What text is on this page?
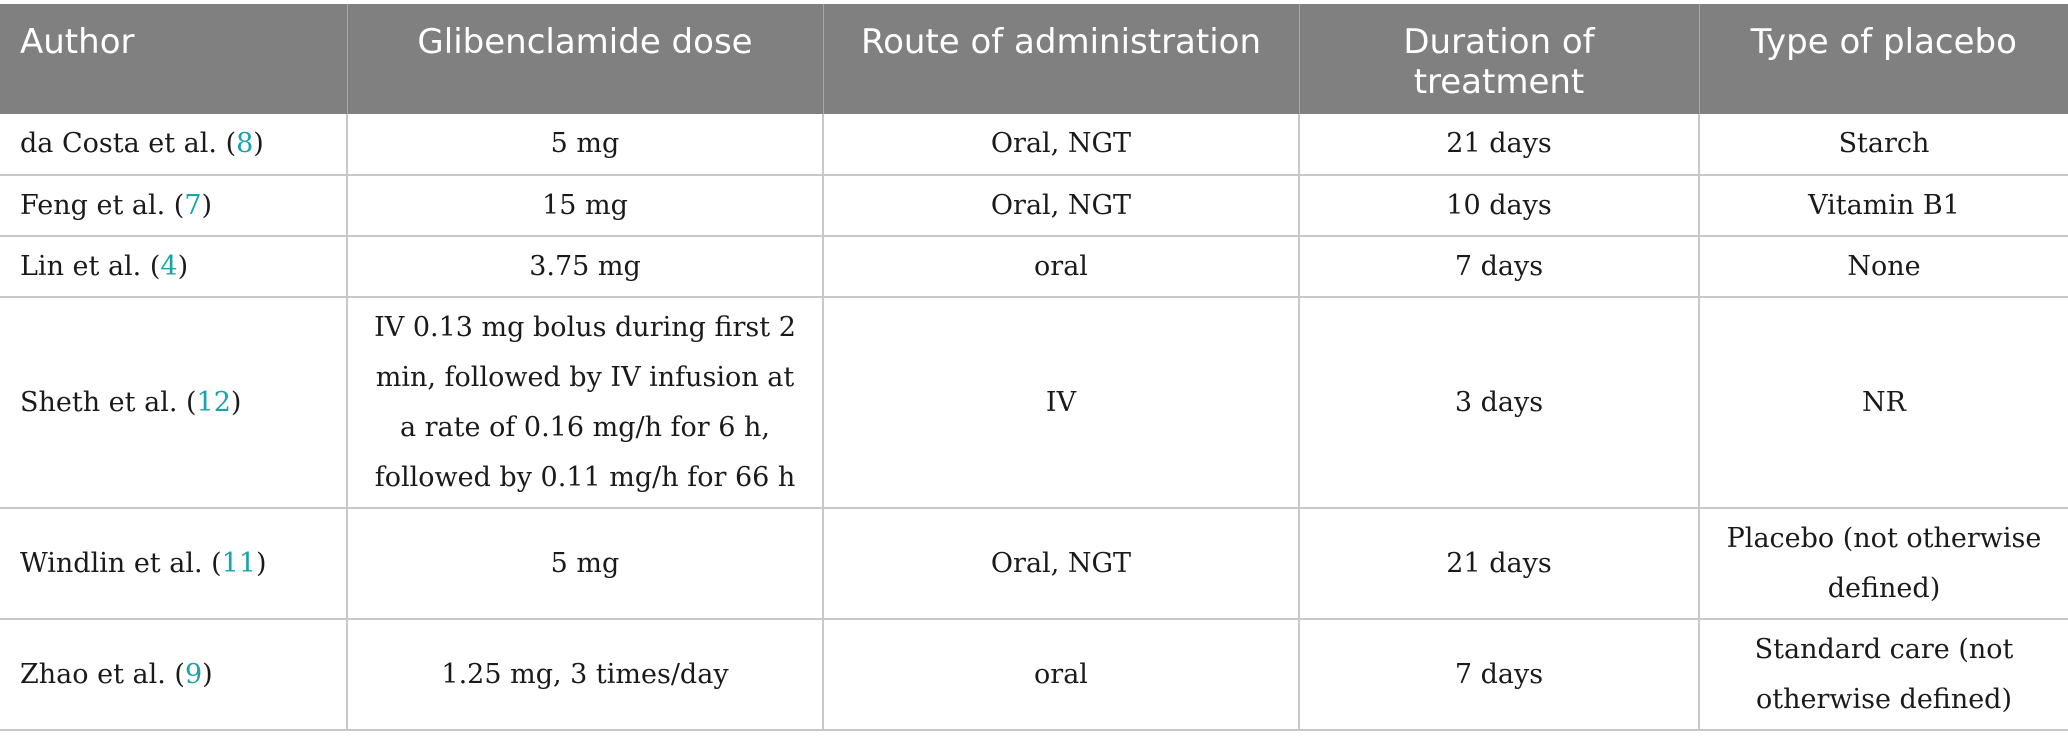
Author	Glibenclamide dose	Route of administration	Duration of treatment	Type of placebo
da Costa et al. (8)	5 mg	Oral, NGT	21 days	Starch
Feng et al. (7)	15 mg	Oral, NGT	10 days	Vitamin B1
Lin et al. (4)	3.75 mg	oral	7 days	None
Sheth et al. (12)	IV 0.13 mg bolus during first 2 min, followed by IV infusion at a rate of 0.16 mg/h for 6 h, followed by 0.11 mg/h for 66 h	IV	3 days	NR
Windlin et al. (11)	5 mg	Oral, NGT	21 days	Placebo (not otherwise defined)
Zhao et al. (9)	1.25 mg, 3 times/day	oral	7 days	Standard care (not otherwise defined)
